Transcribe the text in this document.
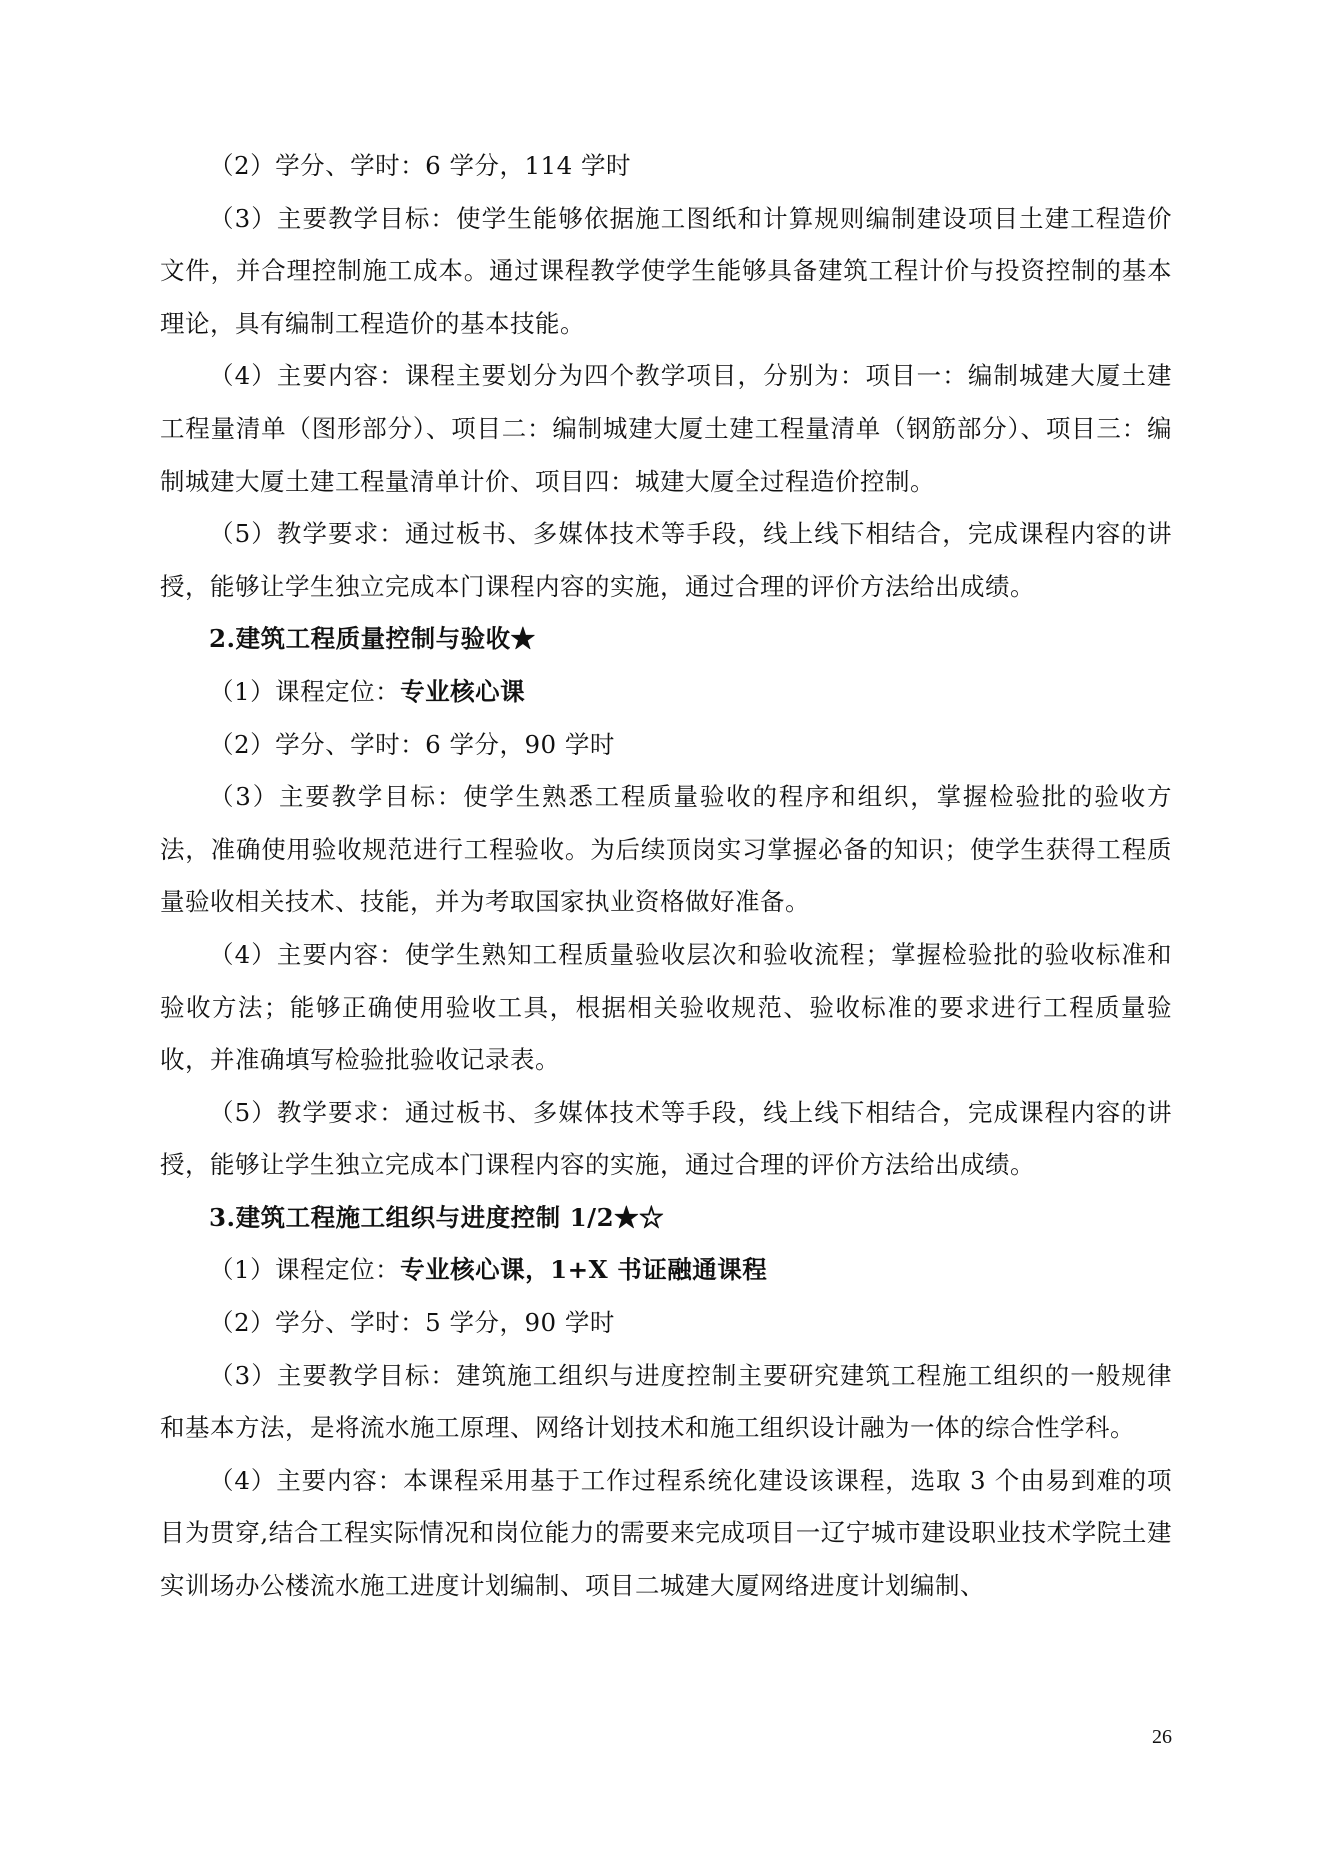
（2）学分、学时：6 学分，114 学时

（3）主要教学目标：使学生能够依据施工图纸和计算规则编制建设项目土建工程造价文件，并合理控制施工成本。通过课程教学使学生能够具备建筑工程计价与投资控制的基本理论，具有编制工程造价的基本技能。

（4）主要内容：课程主要划分为四个教学项目，分别为：项目一：编制城建大厦土建工程量清单（图形部分）、项目二：编制城建大厦土建工程量清单（钢筋部分）、项目三：编制城建大厦土建工程量清单计价、项目四：城建大厦全过程造价控制。

（5）教学要求：通过板书、多媒体技术等手段，线上线下相结合，完成课程内容的讲授，能够让学生独立完成本门课程内容的实施，通过合理的评价方法给出成绩。

2.建筑工程质量控制与验收★

（1）课程定位：专业核心课

（2）学分、学时：6 学分，90 学时

（3）主要教学目标：使学生熟悉工程质量验收的程序和组织，掌握检验批的验收方法，准确使用验收规范进行工程验收。为后续顶岗实习掌握必备的知识；使学生获得工程质量验收相关技术、技能，并为考取国家执业资格做好准备。

（4）主要内容：使学生熟知工程质量验收层次和验收流程；掌握检验批的验收标准和验收方法；能够正确使用验收工具，根据相关验收规范、验收标准的要求进行工程质量验收，并准确填写检验批验收记录表。

（5）教学要求：通过板书、多媒体技术等手段，线上线下相结合，完成课程内容的讲授，能够让学生独立完成本门课程内容的实施，通过合理的评价方法给出成绩。

3.建筑工程施工组织与进度控制 1/2★☆

（1）课程定位：专业核心课，1+X 书证融通课程

（2）学分、学时：5 学分，90 学时

（3）主要教学目标：建筑施工组织与进度控制主要研究建筑工程施工组织的一般规律和基本方法，是将流水施工原理、网络计划技术和施工组织设计融为一体的综合性学科。

（4）主要内容：本课程采用基于工作过程系统化建设该课程，选取 3 个由易到难的项目为贯穿,结合工程实际情况和岗位能力的需要来完成项目一辽宁城市建设职业技术学院土建实训场办公楼流水施工进度计划编制、项目二城建大厦网络进度计划编制、

26
